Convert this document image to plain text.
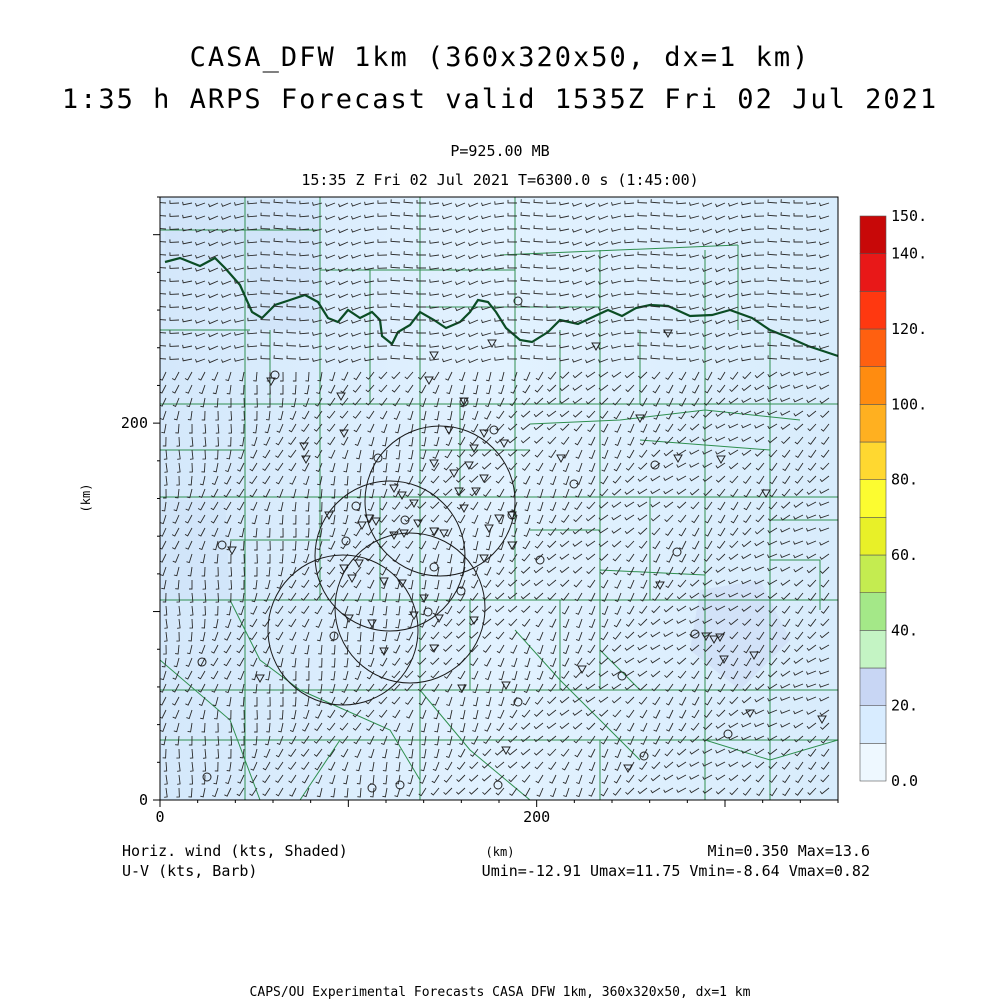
CASA_DFW 1km (360x320x50, dx=1 km)
1:35 h ARPS Forecast valid 1535Z Fri 02 Jul 2021
P=925.00 MB
15:35 Z Fri 02 Jul 2021 T=6300.0 s (1:45:00)
0
200
0	200
(km)
(km)
150.
140.
120.
100.
80.
60.
40.
20.
0.0
Horiz. wind (kts, Shaded)
U-V (kts, Barb)
Min=0.350 Max=13.6
Umin=-12.91 Umax=11.75 Vmin=-8.64 Vmax=0.82
CAPS/OU Experimental Forecasts CASA DFW 1km, 360x320x50, dx=1 km
